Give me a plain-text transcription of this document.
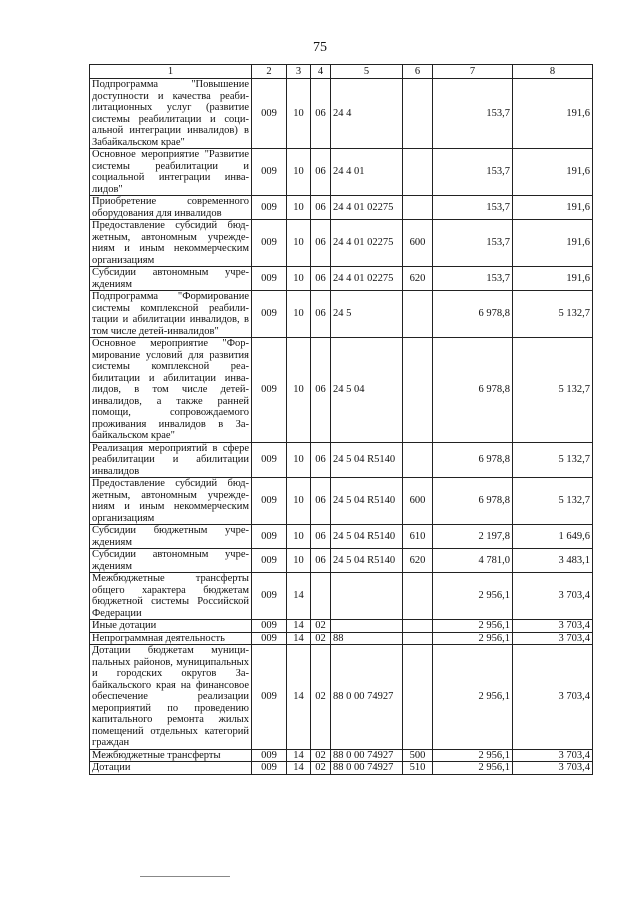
75
1	2	3	4	5	6	7	8
Подпрограмма "Повышение доступности и качества реабилитационных услуг (развитие системы реабилитации и социальной интеграции инвалидов) в Забайкальском крае"	009	10	06	24 4		153,7	191,6
Основное мероприятие "Развитие системы реабилитации и социальной интеграции инвалидов"	009	10	06	24 4 01		153,7	191,6
Приобретение современного оборудования для инвалидов	009	10	06	24 4 01 02275		153,7	191,6
Предоставление субсидий бюджетным, автономным учреждениям и иным некоммерческим организациям	009	10	06	24 4 01 02275	600	153,7	191,6
Субсидии автономным учреждениям	009	10	06	24 4 01 02275	620	153,7	191,6
Подпрограмма "Формирование системы комплексной реабилитации и абилитации инвалидов, в том числе детей-инвалидов"	009	10	06	24 5		6 978,8	5 132,7
Основное мероприятие "Формирование условий для развития системы комплексной реабилитации и абилитации инвалидов, в том числе детей-инвалидов, а также ранней помощи, сопровождаемого проживания инвалидов в Забайкальском крае"	009	10	06	24 5 04		6 978,8	5 132,7
Реализация мероприятий в сфере реабилитации и абилитации инвалидов	009	10	06	24 5 04 R5140		6 978,8	5 132,7
Предоставление субсидий бюджетным, автономным учреждениям и иным некоммерческим организациям	009	10	06	24 5 04 R5140	600	6 978,8	5 132,7
Субсидии бюджетным учреждениям	009	10	06	24 5 04 R5140	610	2 197,8	1 649,6
Субсидии автономным учреждениям	009	10	06	24 5 04 R5140	620	4 781,0	3 483,1
Межбюджетные трансферты общего характера бюджетам бюджетной системы Российской Федерации	009	14				2 956,1	3 703,4
Иные дотации	009	14	02			2 956,1	3 703,4
Непрограммная деятельность	009	14	02	88		2 956,1	3 703,4
Дотации бюджетам муниципальных районов, муниципальных и городских округов Забайкальского края на финансовое обеспечение реализации мероприятий по проведению капитального ремонта жилых помещений отдельных категорий граждан	009	14	02	88 0 00 74927		2 956,1	3 703,4
Межбюджетные трансферты	009	14	02	88 0 00 74927	500	2 956,1	3 703,4
Дотации	009	14	02	88 0 00 74927	510	2 956,1	3 703,4
